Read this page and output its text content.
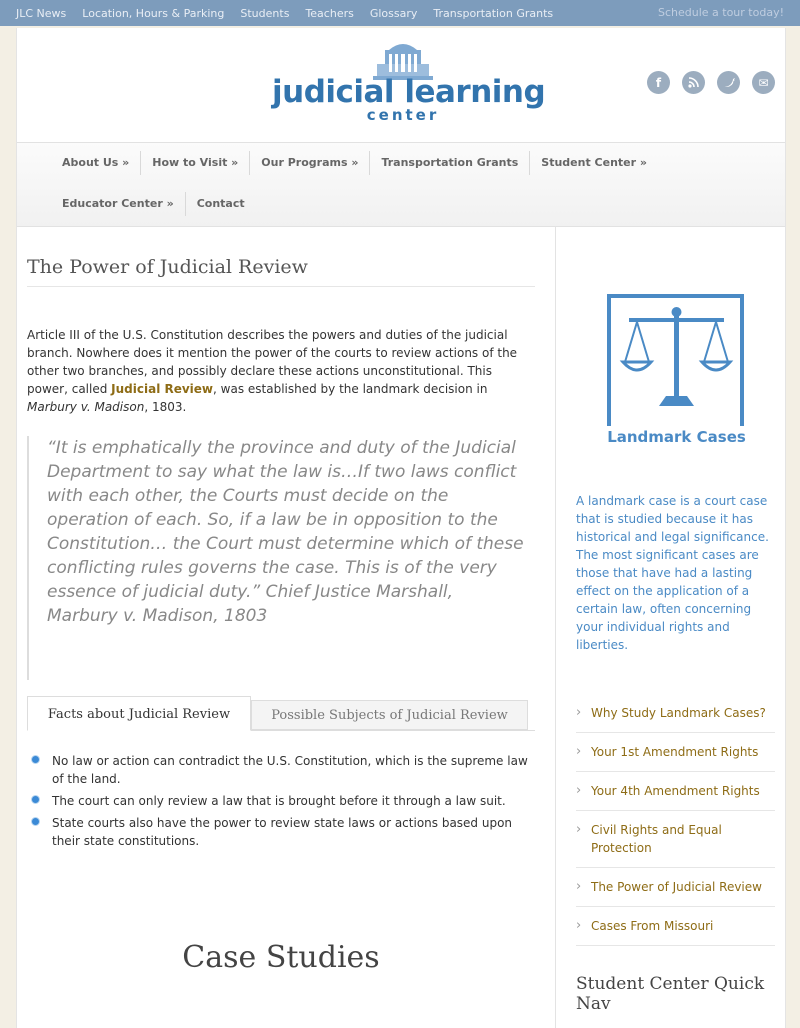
JLC News	Location, Hours & Parking	Students	Teachers	Glossary	Transportation Grants	Schedule a tour today!
judicial learning
center
f	✉
About Us »	How to Visit »	Our Programs »	Transportation Grants	Student Center »
Educator Center »	Contact
The Power of Judicial Review
Article III of the U.S. Constitution describes the powers and duties of the judicial branch. Nowhere does it mention the power of the courts to review actions of the other two branches, and possibly declare these actions unconstitutional. This power, called Judicial Review, was established by the landmark decision in Marbury v. Madison, 1803.
“It is emphatically the province and duty of the Judicial Department to say what the law is…If two laws conflict with each other, the Courts must decide on the operation of each. So, if a law be in opposition to the Constitution… the Court must determine which of these conflicting rules governs the case. This is of the very essence of judicial duty.” Chief Justice Marshall, Marbury v. Madison, 1803
Facts about Judicial Review	Possible Subjects of Judicial Review
No law or action can contradict the U.S. Constitution, which is the supreme law of the land.
The court can only review a law that is brought before it through a law suit.
State courts also have the power to review state laws or actions based upon their state constitutions.
Case Studies
Landmark Cases
A landmark case is a court case that is studied because it has historical and legal significance. The most significant cases are those that have had a lasting effect on the application of a certain law, often concerning your individual rights and liberties.
› Why Study Landmark Cases?
› Your 1st Amendment Rights
› Your 4th Amendment Rights
› Civil Rights and Equal Protection
› The Power of Judicial Review
› Cases From Missouri
Student Center Quick Nav
